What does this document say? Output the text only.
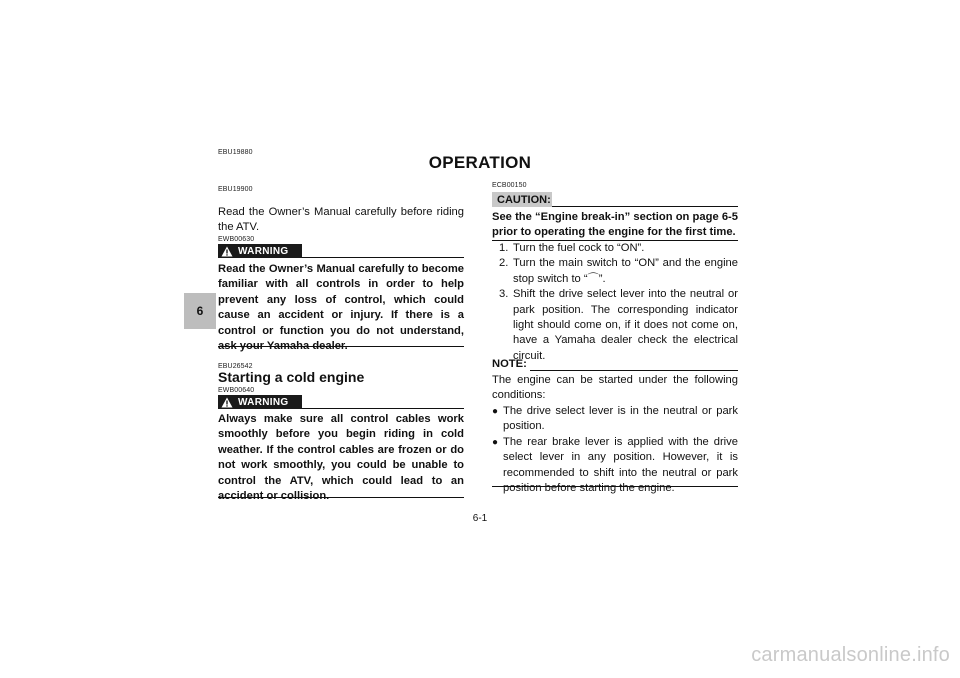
EBU19880
OPERATION
6
EBU19900
Read the Owner’s Manual carefully before riding the ATV.
EWB00630
WARNING
Read the Owner’s Manual carefully to become familiar with all controls in order to help prevent any loss of control, which could cause an accident or injury. If there is a control or function you do not understand, ask your Yamaha dealer.
EBU26542
Starting a cold engine
EWB00640
WARNING
Always make sure all control cables work smoothly before you begin riding in cold weather. If the control cables are frozen or do not work smoothly, you could be unable to control the ATV, which could lead to an accident or collision.
ECB00150
CAUTION:
See the “Engine break-in” section on page 6-5 prior to operating the engine for the first time.
1. Turn the fuel cock to “ON”.
2. Turn the main switch to “ON” and the engine stop switch to “⌒”.
3. Shift the drive select lever into the neutral or park position. The corresponding indicator light should come on, if it does not come on, have a Yamaha dealer check the electrical circuit.
NOTE:
The engine can be started under the following conditions:
● The drive select lever is in the neutral or park position.
● The rear brake lever is applied with the drive select lever in any position. However, it is recommended to shift into the neutral or park position before starting the engine.
6-1
carmanualsonline.info
